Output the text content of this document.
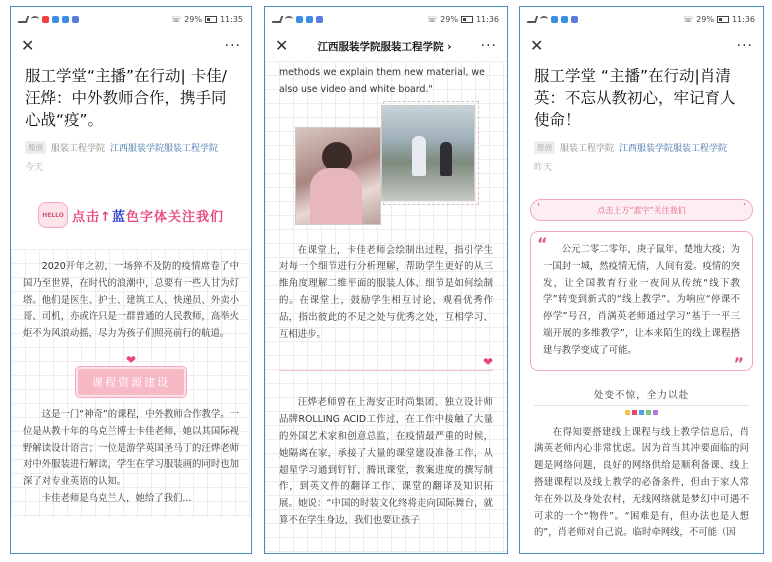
☏ 29% 11:35
✕	···
服工学堂“主播”在行动| 卡佳/汪烨：中外教师合作，携手同心战“疫”。
原创 服装工程学院 江西服装学院服装工程学院
今天
HELLO 点击↑蓝色字体关注我们

2020开年之初，一场猝不及防的疫情席卷了中国乃至世界，在时代的浪潮中，总要有一些人甘为灯塔。他们是医生、护士、建筑工人、快递员、外卖小哥、司机，亦或许只是一群普通的人民教师，高举火炬不为风浪动摇，尽力为孩子们照亮前行的航道。

❤
课程资源建设

这是一门“神奇”的课程，中外教师合作教学。一位是从教十年的乌克兰博士卡佳老师，她以其国际视野解读设计语言；一位是游学英国圣马丁的汪烨老师对中外服装进行解读，学生在学习服装画的同时也加深了对专业英语的认知。

卡佳老师是乌克兰人，她给了我们...

☏ 29% 11:36
✕	江西服装学院服装工程学院 ›	···

methods we explain them new material, we also use video and white board."

在课堂上，卡佳老师会绘制出过程，指引学生对每一个细节进行分析理解，帮助学生更好的从三维角度理解二维平面的服装人体、细节是如何绘制的。在课堂上，鼓励学生相互讨论、观看优秀作品，指出彼此的不足之处与优秀之处，互相学习、互相进步。

❤

汪烨老师曾在上海安正时尚集团、独立设计师品牌ROLLING ACID工作过，在工作中接触了大量的外国艺术家和创意总监，在疫情最严重的时候，她隔离在家，承接了大量的课堂建设准备工作，从超星学习通到钉钉、腾讯课堂，教案进度的撰写制作，到英文件的翻译工作、课堂的翻译及知识拓展。她说：“中国的时装文化终将走向国际舞台，就算不在学生身边，我们也要让孩子

☏ 29% 11:36
✕	···
服工学堂 “主播”在行动|肖清英：不忘从教初心，牢记育人使命！
原创 服装工程学院 江西服装学院服装工程学院
昨天
‘	点击上方“蓝字”关注我们	’
“	公元二零二零年，庚子鼠年，楚地大疫；为一国封一城，然疫情无情，人间有爱。疫情的突发，让全国教育行业一夜间从传统“线下教学”转变到新式的“线上教学”。为响应“停课不停学”号召，肖满英老师通过学习“基于一平三端开展的多维教学”，让本来陌生的线上课程搭建与教学变成了可能。

”
处变不惊，全力以赴

在得知要搭建线上课程与线上教学信息后，肖满英老师内心非常忧虑。因为首当其冲要面临的问题是网络问题，良好的网络供给是顺利备课、线上搭建课程以及线上教学的必备条件，但由于家人常年在外以及身处农村，无线网络就是梦幻中可遇不可求的一个“物件”。“困难是有，但办法也是人想的”，肖老师对自己说。临时牵网线，不可能（因
